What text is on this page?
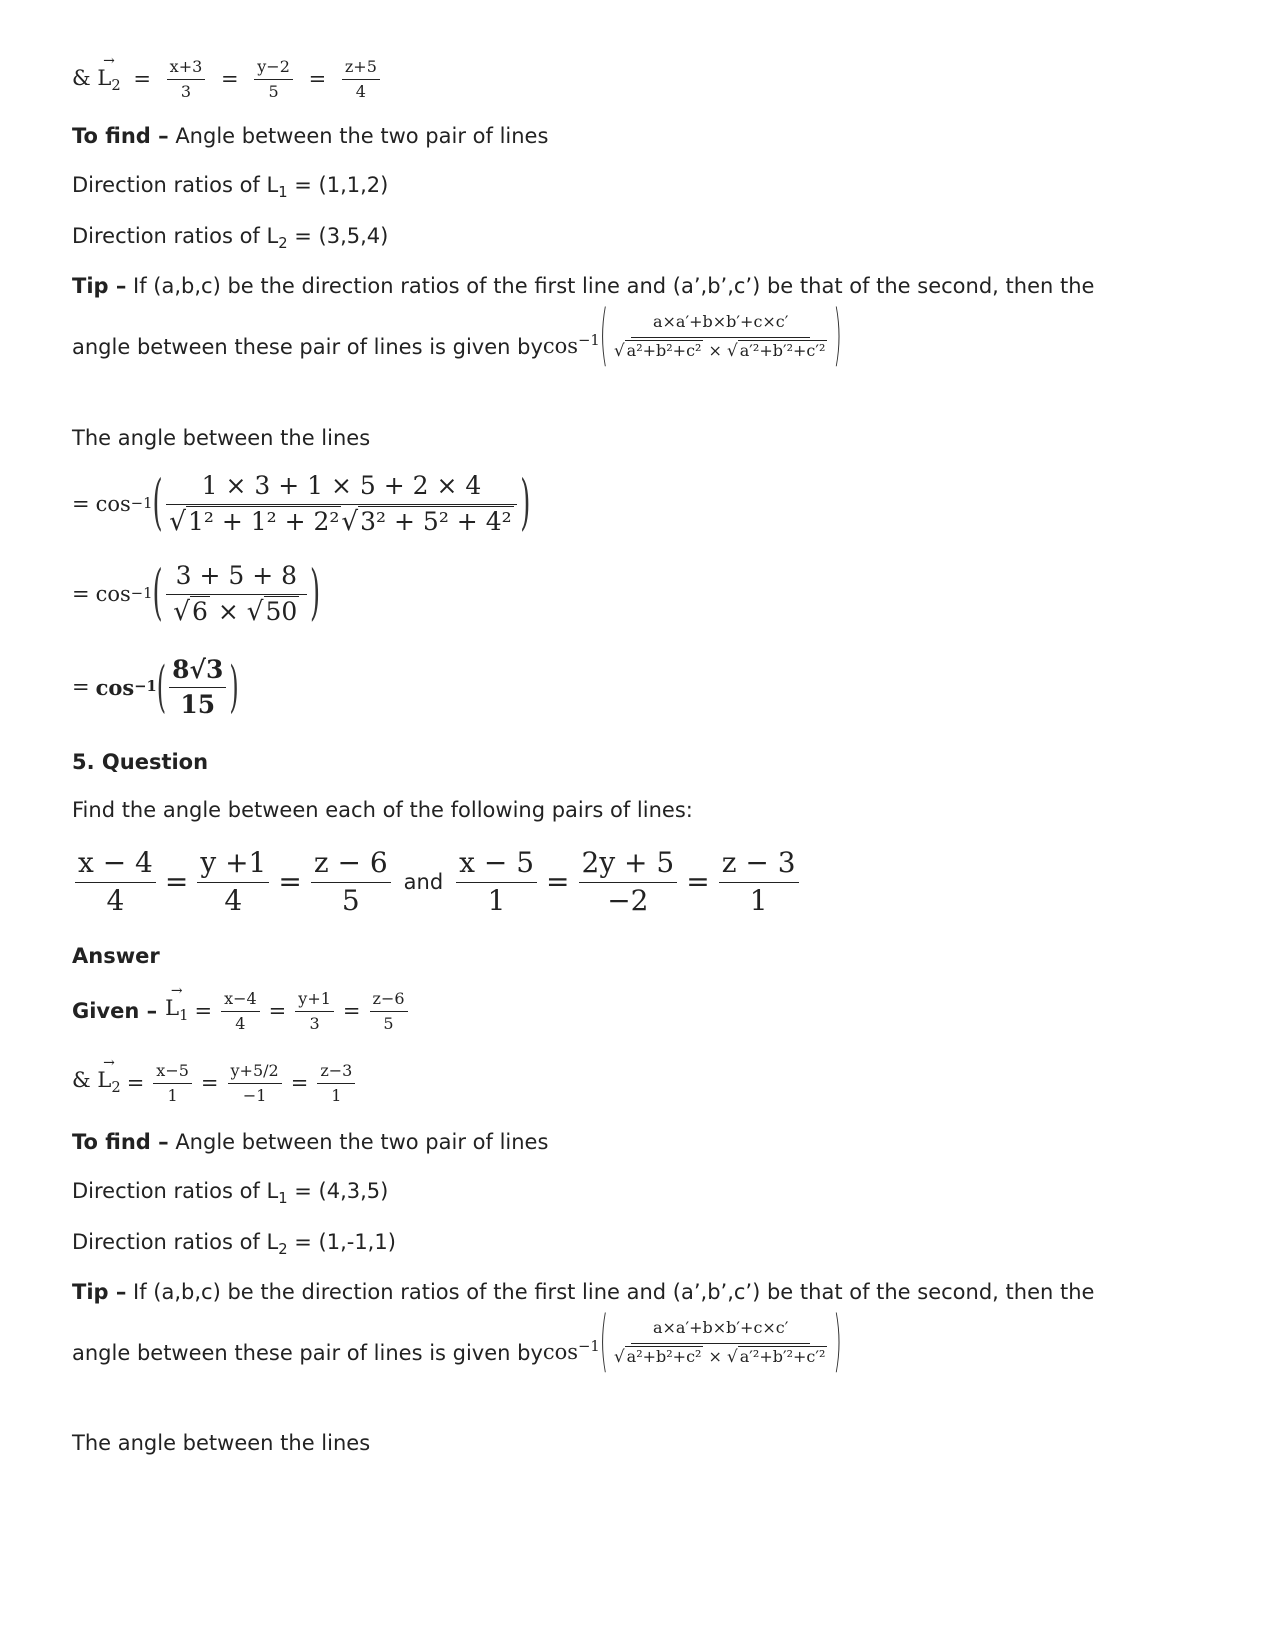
& → $L_2 = \frac{x+3}{3} = \frac{y-2}{5} = \frac{z+5}{4}$
To find – Angle between the two pair of lines
Direction ratios of $L_1 = (1,1,2)$
Direction ratios of $L_2 = (3,5,4)$
Tip – If (a,b,c) be the direction ratios of the first line and (a’,b’,c’) be that of the second, then the
angle between these pair of lines is given by $\cos^{-1}$ ( $\frac{a\times a'+b\times b'+c\times c'}{\text{√ a²+b²+c² × √ a′²+b′²+c′²}}$ )
The angle between the lines
= cos −1 ( $\frac{1 \times 3 + 1 \times 5 + 2 \times 4}{\text{√1² + 1² + 2²√3² + 5² + 4²}}$ )
= cos −1 ( $\frac{3 + 5 + 8}{√6 \times √50}$ )
= cos −1 ( $\frac{8√3}{15}$ )
5. Question
Find the angle between each of the following pairs of lines:
$\frac{x - 4}{4} = \frac{y +1}{4} = \frac{z - 6}{5}$ and $\frac{x - 5}{1} = \frac{2y + 5}{-2} = \frac{z - 3}{1}$
Answer
Given –
→ $L_1 = \frac{x-4}{4} = \frac{y+1}{3} = \frac{z-6}{5}$
& → $L_2 = \frac{x-5}{1} = \frac{y+5/2}{-1} = \frac{z-3}{1}$
To find – Angle between the two pair of lines
Direction ratios of $L_1 = (4,3,5)$
Direction ratios of $L_2 = (1,-1,1)$
Tip – If (a,b,c) be the direction ratios of the first line and (a’,b’,c’) be that of the second, then the
angle between these pair of lines is given by $\cos^{-1}$ ( $\frac{a\times a'+b\times b'+c\times c'}{\text{√ a²+b²+c² × √ a′²+b′²+c′²}}$ )
The angle between the lines
